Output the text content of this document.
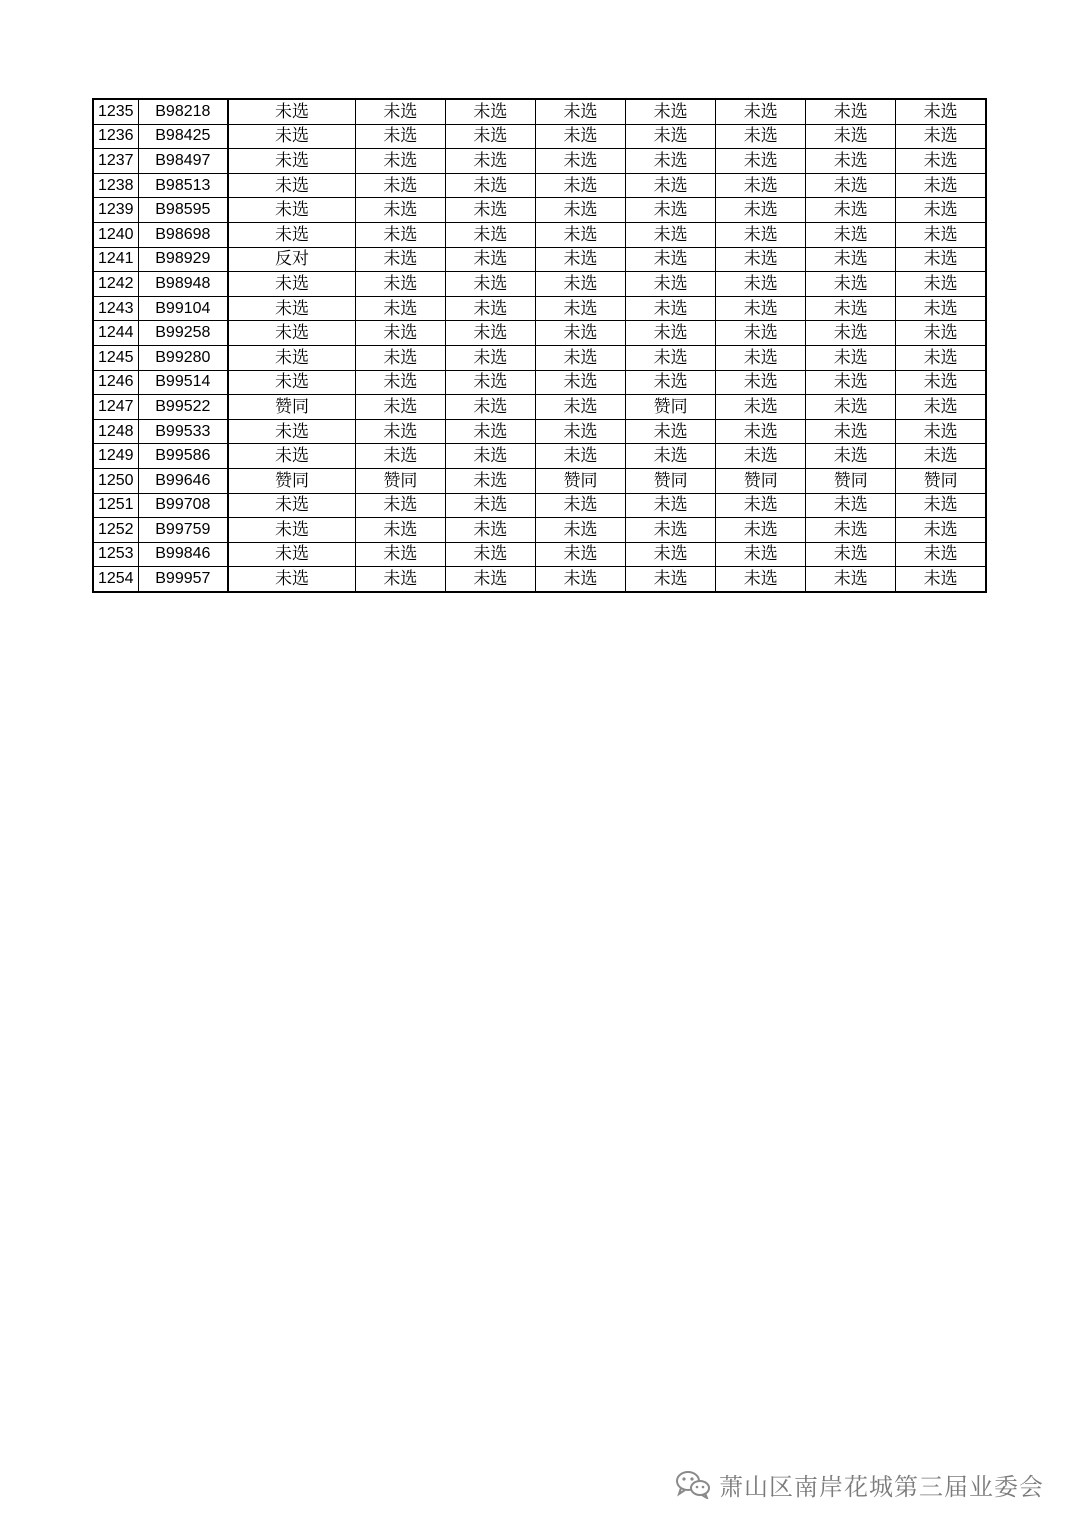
1235	B98218	未选	未选	未选	未选	未选	未选	未选	未选
1236	B98425	未选	未选	未选	未选	未选	未选	未选	未选
1237	B98497	未选	未选	未选	未选	未选	未选	未选	未选
1238	B98513	未选	未选	未选	未选	未选	未选	未选	未选
1239	B98595	未选	未选	未选	未选	未选	未选	未选	未选
1240	B98698	未选	未选	未选	未选	未选	未选	未选	未选
1241	B98929	反对	未选	未选	未选	未选	未选	未选	未选
1242	B98948	未选	未选	未选	未选	未选	未选	未选	未选
1243	B99104	未选	未选	未选	未选	未选	未选	未选	未选
1244	B99258	未选	未选	未选	未选	未选	未选	未选	未选
1245	B99280	未选	未选	未选	未选	未选	未选	未选	未选
1246	B99514	未选	未选	未选	未选	未选	未选	未选	未选
1247	B99522	赞同	未选	未选	未选	赞同	未选	未选	未选
1248	B99533	未选	未选	未选	未选	未选	未选	未选	未选
1249	B99586	未选	未选	未选	未选	未选	未选	未选	未选
1250	B99646	赞同	赞同	未选	赞同	赞同	赞同	赞同	赞同
1251	B99708	未选	未选	未选	未选	未选	未选	未选	未选
1252	B99759	未选	未选	未选	未选	未选	未选	未选	未选
1253	B99846	未选	未选	未选	未选	未选	未选	未选	未选
1254	B99957	未选	未选	未选	未选	未选	未选	未选	未选
萧山区南岸花城第三届业委会
